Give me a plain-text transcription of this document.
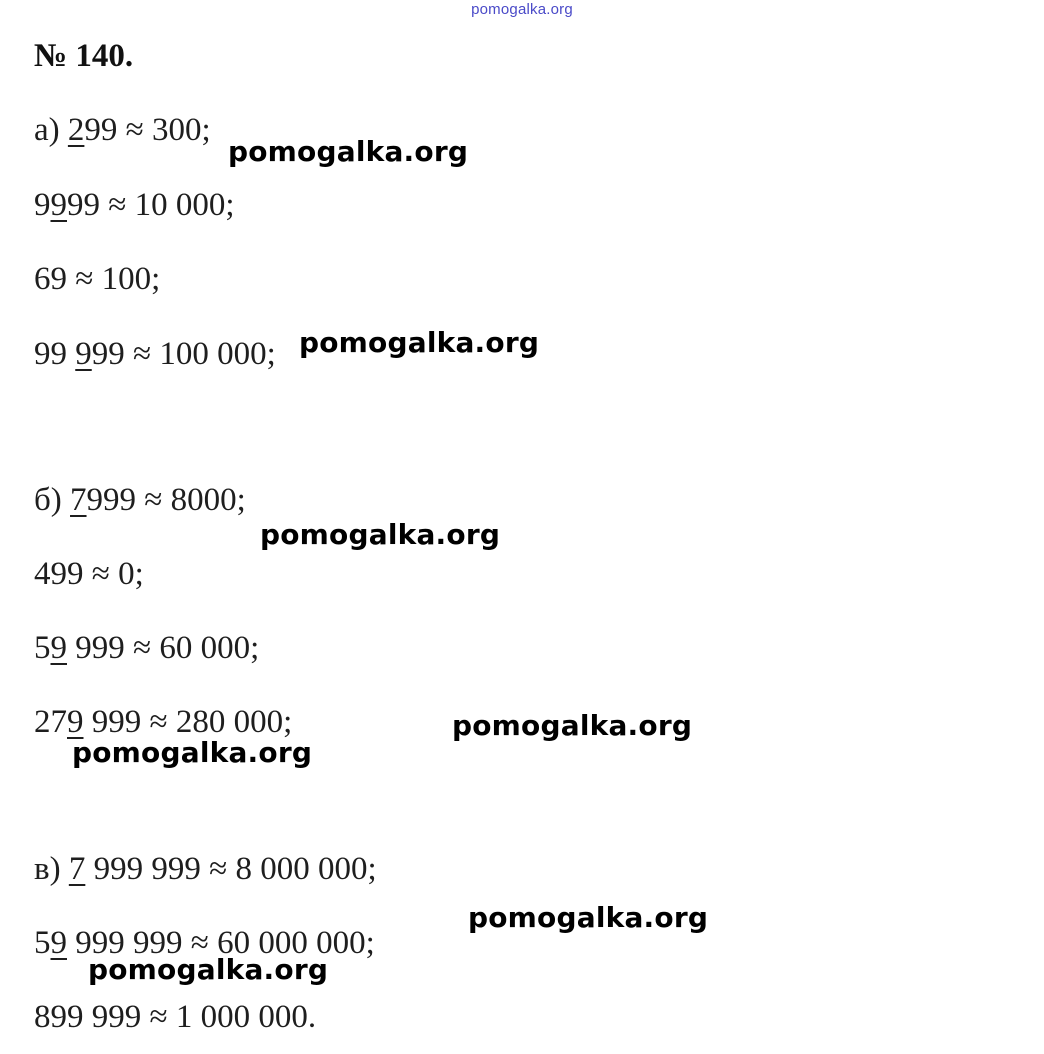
pomogalka.org
№ 140.
а) 299 ≈ 300;
9999 ≈ 10 000;
69 ≈ 100;
99 999 ≈ 100 000;
б) 7999 ≈ 8000;
499 ≈ 0;
59 999 ≈ 60 000;
279 999 ≈ 280 000;
в) 7 999 999 ≈ 8 000 000;
59 999 999 ≈ 60 000 000;
899 999 ≈ 1 000 000.
pomogalka.org
pomogalka.org
pomogalka.org
pomogalka.org
pomogalka.org
pomogalka.org
pomogalka.org
